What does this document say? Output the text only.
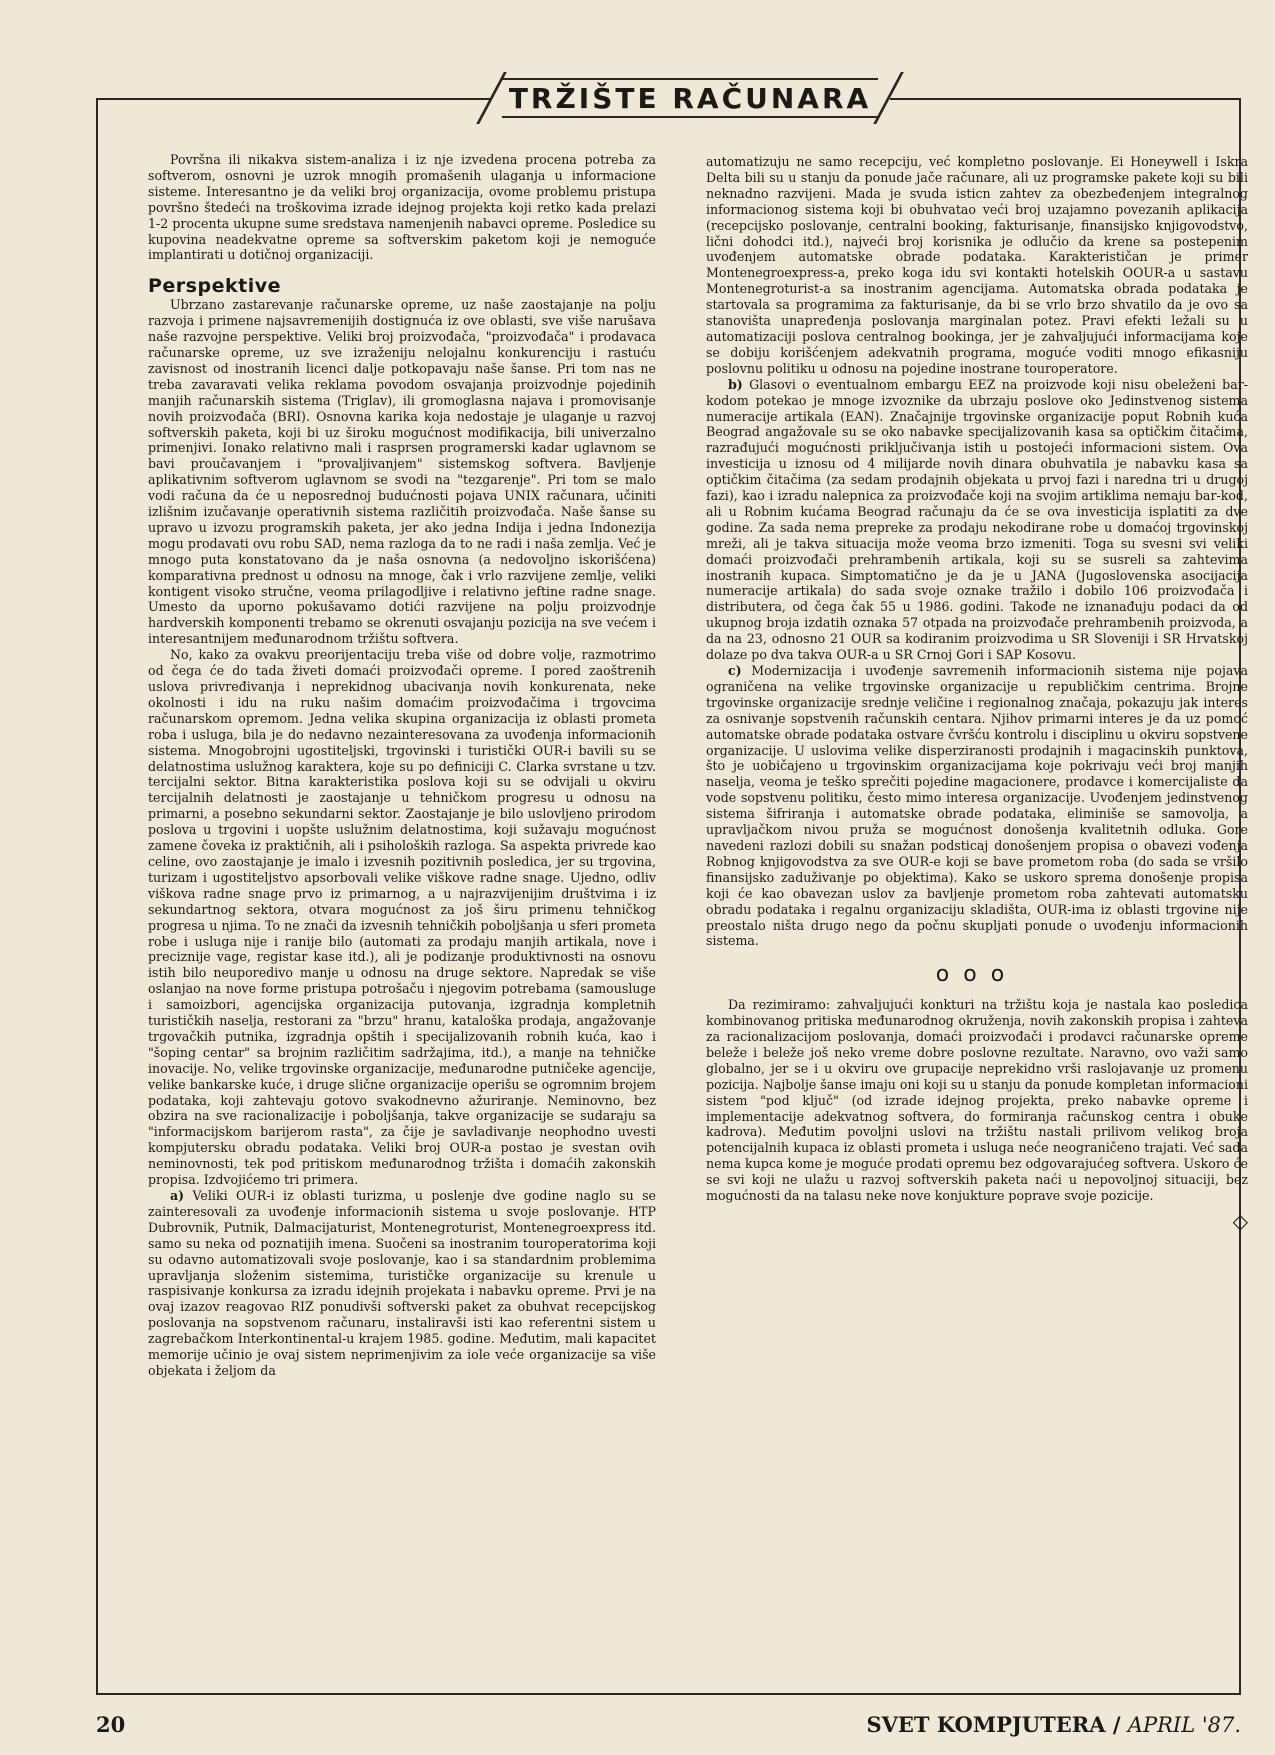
TRŽIŠTE RAČUNARA

Površna ili nikakva sistem-analiza i iz nje izvedena procena potreba za softverom, osnovni je uzrok mnogih promašenih ulaganja u informacione sisteme. Interesantno je da veliki broj organizacija, ovome problemu pristupa površno štedeći na troškovima izrade idejnog projekta koji retko kada prelazi 1-2 procenta ukupne sume sredstava namenjenih nabavci opreme. Posledice su kupovina neadekvatne opreme sa softverskim paketom koji je nemoguće implantirati u dotičnoj organizaciji.

Perspektive

Ubrzano zastarevanje računarske opreme, uz naše zaostajanje na polju razvoja i primene najsavremenijih dostignuća iz ove oblasti, sve više narušava naše razvojne perspektive. Veliki broj proizvođača, "proizvođača" i prodavaca računarske opreme, uz sve izraženiju nelojalnu konkurenciju i rastuću zavisnost od inostranih licenci dalje potkopavaju naše šanse. Pri tom nas ne treba zavaravati velika reklama povodom osvajanja proizvodnje pojedinih manjih računarskih sistema (Triglav), ili gromoglasna najava i promovisanje novih proizvođača (BRI). Osnovna karika koja nedostaje je ulaganje u razvoj softverskih paketa, koji bi uz široku mogućnost modifikacija, bili univerzalno primenjivi. Ionako relativno mali i rasprsen programerski kadar uglavnom se bavi proučavanjem i "provaljivanjem" sistemskog softvera. Bavljenje aplikativnim softverom uglavnom se svodi na "tezgarenje". Pri tom se malo vodi računa da će u neposrednoj budućnosti pojava UNIX računara, učiniti izlišnim izučavanje operativnih sistema različitih proizvođača. Naše šanse su upravo u izvozu programskih paketa, jer ako jedna Indija i jedna Indonezija mogu prodavati ovu robu SAD, nema razloga da to ne radi i naša zemlja. Već je mnogo puta konstatovano da je naša osnovna (a nedovoljno iskorišćena) komparativna prednost u odnosu na mnoge, čak i vrlo razvijene zemlje, veliki kontigent visoko stručne, veoma prilagodljive i relativno jeftine radne snage. Umesto da uporno pokušavamo dotići razvijene na polju proizvodnje hardverskih komponenti trebamo se okrenuti osvajanju pozicija na sve većem i interesantnijem međunarodnom tržištu softvera.

No, kako za ovakvu preorijentaciju treba više od dobre volje, razmotrimo od čega će do tada živeti domaći proizvođači opreme. I pored zaoštrenih uslova privređivanja i neprekidnog ubacivanja novih konkurenata, neke okolnosti i idu na ruku našim domaćim proizvođačima i trgovcima računarskom opremom. Jedna velika skupina organizacija iz oblasti prometa roba i usluga, bila je do nedavno nezainteresovana za uvođenja informacionih sistema. Mnogobrojni ugostiteljski, trgovinski i turistički OUR-i bavili su se delatnostima uslužnog karaktera, koje su po definiciji C. Clarka svrstane u tzv. tercijalni sektor. Bitna karakteristika poslova koji su se odvijali u okviru tercijalnih delatnosti je zaostajanje u tehničkom progresu u odnosu na primarni, a posebno sekundarni sektor. Zaostajanje je bilo uslovljeno prirodom poslova u trgovini i uopšte uslužnim delatnostima, koji sužavaju mogućnost zamene čoveka iz praktičnih, ali i psiholoških razloga. Sa aspekta privrede kao celine, ovo zaostajanje je imalo i izvesnih pozitivnih posledica, jer su trgovina, turizam i ugostiteljstvo apsorbovali velike viškove radne snage. Ujedno, odliv viškova radne snage prvo iz primarnog, a u najrazvijenijim društvima i iz sekundartnog sektora, otvara mogućnost za još širu primenu tehničkog progresa u njima. To ne znači da izvesnih tehničkih poboljšanja u sferi prometa robe i usluga nije i ranije bilo (automati za prodaju manjih artikala, nove i preciznije vage, registar kase itd.), ali je podizanje produktivnosti na osnovu istih bilo neuporedivo manje u odnosu na druge sektore. Napredak se više oslanjao na nove forme pristupa potrošaču i njegovim potrebama (samousluge i samoizbori, agencijska organizacija putovanja, izgradnja kompletnih turističkih naselja, restorani za "brzu" hranu, kataloška prodaja, angažovanje trgovačkih putnika, izgradnja opštih i specijalizovanih robnih kuća, kao i "šoping centar" sa brojnim različitim sadržajima, itd.), a manje na tehničke inovacije. No, velike trgovinske organizacije, međunarodne putničeke agencije, velike bankarske kuće, i druge slične organizacije operišu se ogromnim brojem podataka, koji zahtevaju gotovo svakodnevno ažuriranje. Neminovno, bez obzira na sve racionalizacije i poboljšanja, takve organizacije se sudaraju sa "informacijskom barijerom rasta", za čije je savladivanje neophodno uvesti kompjutersku obradu podataka. Veliki broj OUR-a postao je svestan ovih neminovnosti, tek pod pritiskom međunarodnog tržišta i domaćih zakonskih propisa. Izdvojićemo tri primera.

a) Veliki OUR-i iz oblasti turizma, u poslenje dve godine naglo su se zainteresovali za uvođenje informacionih sistema u svoje poslovanje. HTP Dubrovnik, Putnik, Dalmacijaturist, Montenegroturist, Montenegroexpress itd. samo su neka od poznatijih imena. Suočeni sa inostranim touroperatorima koji su odavno automatizovali svoje poslovanje, kao i sa standardnim problemima upravljanja složenim sistemima, turističke organizacije su krenule u raspisivanje konkursa za izradu idejnih projekata i nabavku opreme. Prvi je na ovaj izazov reagovao RIZ ponudivši softverski paket za obuhvat recepcijskog poslovanja na sopstvenom računaru, instaliravši isti kao referentni sistem u zagrebačkom Interkontinental-u krajem 1985. godine. Međutim, mali kapacitet memorije učinio je ovaj sistem neprimenjivim za iole veće organizacije sa više objekata i željom da

automatizuju ne samo recepciju, već kompletno poslovanje. Ei Honeywell i Iskra Delta bili su u stanju da ponude jače računare, ali uz programske pakete koji su bili neknadno razvijeni. Mada je svuda isticn zahtev za obezbeđenjem integralnog informacionog sistema koji bi obuhvatao veći broj uzajamno povezanih aplikacija (recepcijsko poslovanje, centralni booking, fakturisanje, finansijsko knjigovodstvo, lični dohodci itd.), najveći broj korisnika je odlučio da krene sa postepenim uvođenjem automatske obrade podataka. Karakterističan je primer Montenegroexpress-a, preko koga idu svi kontakti hotelskih OOUR-a u sastavu Montenegroturist-a sa inostranim agencijama. Automatska obrada podataka je startovala sa programima za fakturisanje, da bi se vrlo brzo shvatilo da je ovo sa stanovišta unapređenja poslovanja marginalan potez. Pravi efekti ležali su u automatizaciji poslova centralnog bookinga, jer je zahvaljujući informacijama koje se dobiju korišćenjem adekvatnih programa, moguće voditi mnogo efikasniju poslovnu politiku u odnosu na pojedine inostrane touroperatore.

b) Glasovi o eventualnom embargu EEZ na proizvode koji nisu obeleženi bar-kodom potekao je mnoge izvoznike da ubrzaju poslove oko Jedinstvenog sistema numeracije artikala (EAN). Značajnije trgovinske organizacije poput Robnih kuća Beograd angažovale su se oko nabavke specijalizovanih kasa sa optičkim čitačima, razrađujući mogućnosti priključivanja istih u postojeći informacioni sistem. Ova investicija u iznosu od 4 milijarde novih dinara obuhvatila je nabavku kasa sa optičkim čitačima (za sedam prodajnih objekata u prvoj fazi i naredna tri u drugoj fazi), kao i izradu nalepnica za proizvođače koji na svojim artiklima nemaju bar-kod, ali u Robnim kućama Beograd računaju da će se ova investicija isplatiti za dve godine. Za sada nema prepreke za prodaju nekodirane robe u domaćoj trgovinskoj mreži, ali je takva situacija može veoma brzo izmeniti. Toga su svesni svi veliki domaći proizvođači prehrambenih artikala, koji su se susreli sa zahtevima inostranih kupaca. Simptomatično je da je u JANA (Jugoslovenska asocijacija numeracije artikala) do sada svoje oznake tražilo i dobilo 106 proizvođača i distributera, od čega čak 55 u 1986. godini. Takođe ne iznanađuju podaci da od ukupnog broja izdatih oznaka 57 otpada na proizvođače prehrambenih proizvoda, a da na 23, odnosno 21 OUR sa kodiranim proizvodima u SR Sloveniji i SR Hrvatskoj dolaze po dva takva OUR-a u SR Crnoj Gori i SAP Kosovu.

c) Modernizacija i uvođenje savremenih informacionih sistema nije pojava ograničena na velike trgovinske organizacije u republičkim centrima. Brojne trgovinske organizacije srednje veličine i regionalnog značaja, pokazuju jak interes za osnivanje sopstvenih računskih centara. Njihov primarni interes je da uz pomoć automatske obrade podataka ostvare čvršću kontrolu i disciplinu u okviru sopstvene organizacije. U uslovima velike disperziranosti prodajnih i magacinskih punktova, što je uobičajeno u trgovinskim organizacijama koje pokrivaju veći broj manjih naselja, veoma je teško sprečiti pojedine magacionere, prodavce i komercijaliste da vode sopstvenu politiku, često mimo interesa organizacije. Uvođenjem jedinstvenog sistema šifriranja i automatske obrade podataka, eliminiše se samovolja, a upravljačkom nivou pruža se mogućnost donošenja kvalitetnih odluka. Gore navedeni razlozi dobili su snažan podsticaj donošenjem propisa o obavezi vođenja Robnog knjigovodstva za sve OUR-e koji se bave prometom roba (do sada se vršilo finansijsko zaduživanje po objektima). Kako se uskoro sprema donošenje propisa koji će kao obavezan uslov za bavljenje prometom roba zahtevati automatsku obradu podataka i regalnu organizaciju skladišta, OUR-ima iz oblasti trgovine nije preostalo ništa drugo nego da počnu skupljati ponude o uvođenju informacionih sistema.

ooo

Da rezimiramo: zahvaljujući konkturi na tržištu koja je nastala kao posledica kombinovanog pritiska međunarodnog okruženja, novih zakonskih propisa i zahteva za racionalizacijom poslovanja, domaći proizvođači i prodavci računarske opreme beleže i beleže još neko vreme dobre poslovne rezultate. Naravno, ovo važi samo globalno, jer se i u okviru ove grupacije neprekidno vrši raslojavanje uz promenu pozicija. Najbolje šanse imaju oni koji su u stanju da ponude kompletan informacioni sistem "pod ključ" (od izrade idejnog projekta, preko nabavke opreme i implementacije adekvatnog softvera, do formiranja računskog centra i obuke kadrova). Međutim povoljni uslovi na tržištu nastali prilivom velikog broja potencijalnih kupaca iz oblasti prometa i usluga neće neograničeno trajati. Već sada nema kupca kome je moguće prodati opremu bez odgovarajućeg softvera. Uskoro će se svi koji ne ulažu u razvoj softverskih paketa naći u nepovoljnoj situaciji, bez mogućnosti da na talasu neke nove konjukture poprave svoje pozicije.

◇
20	SVET KOMPJUTERA / APRIL '87.
